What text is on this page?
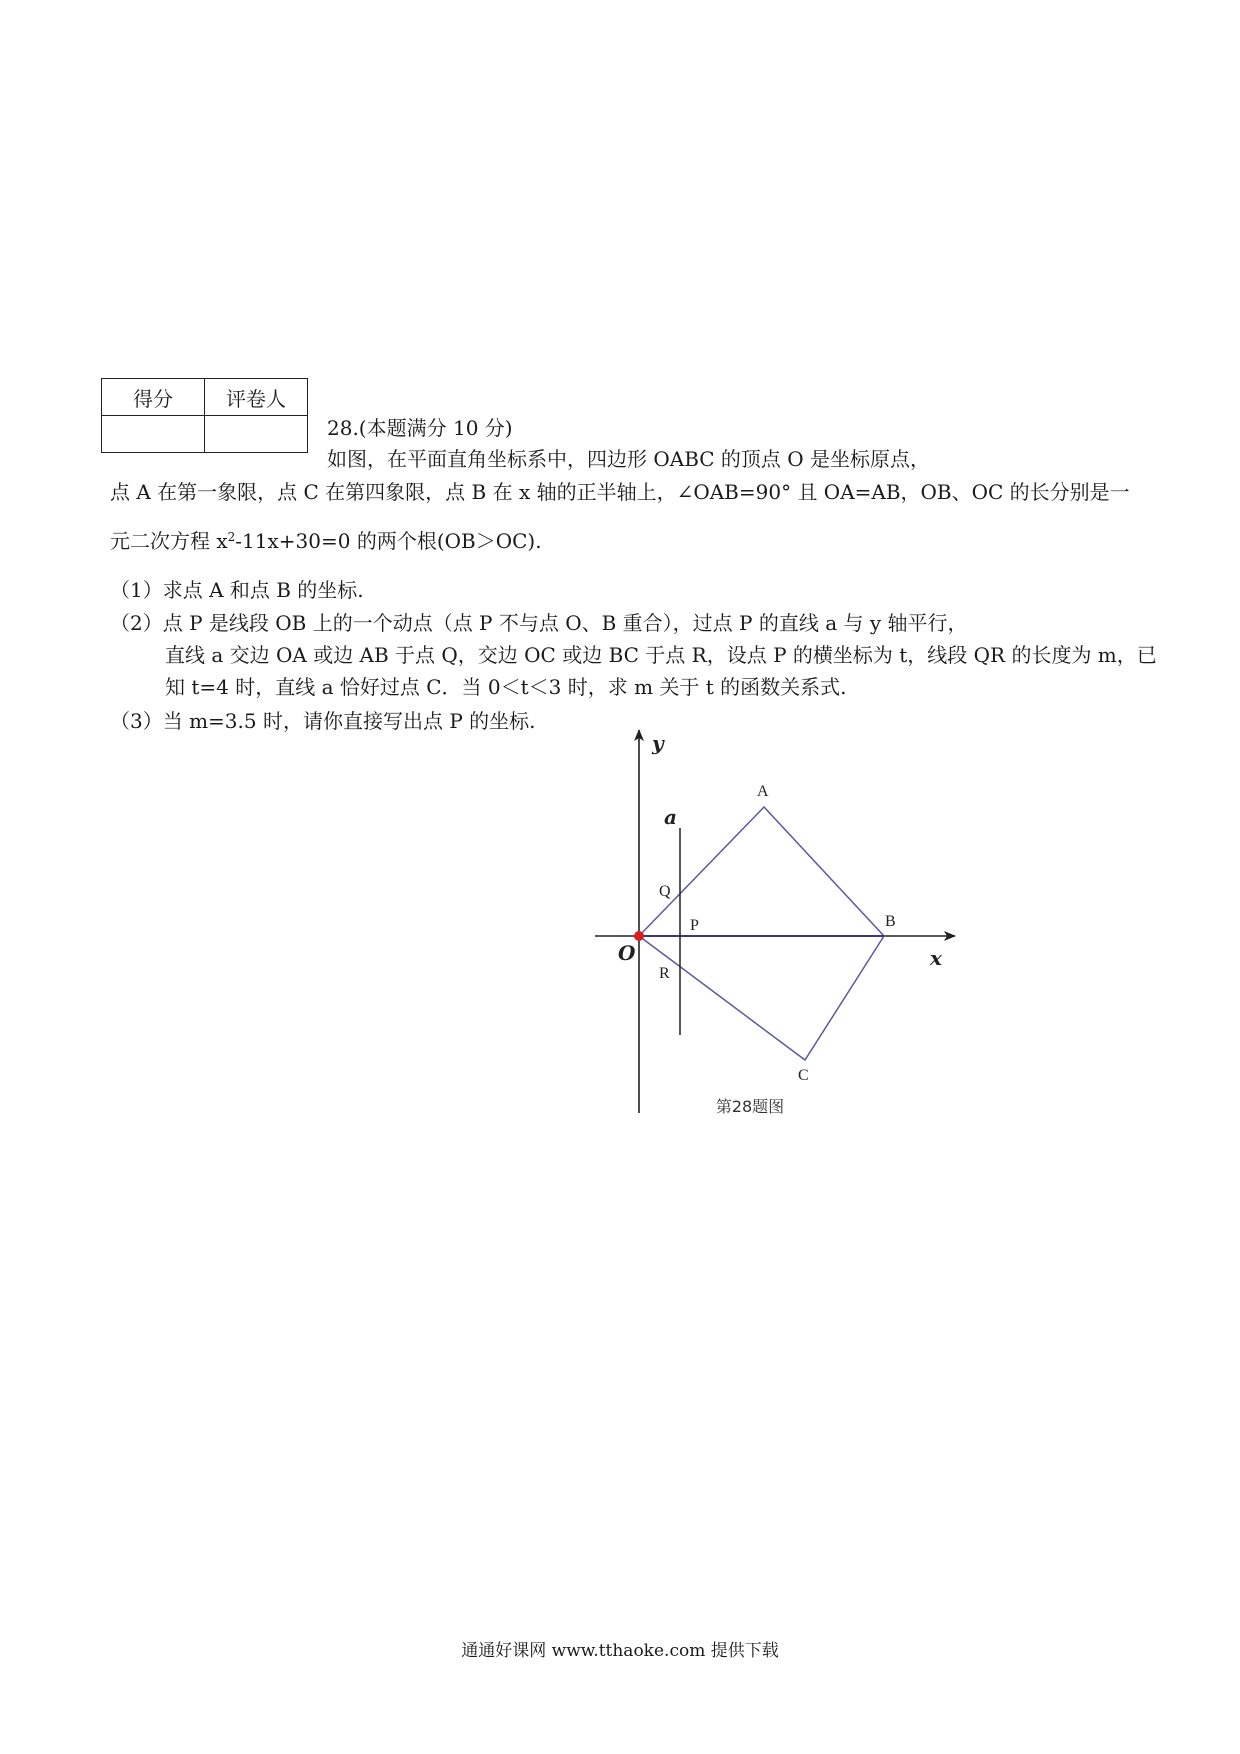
得分	评卷人

28.(本题满分 10 分)
如图，在平面直角坐标系中，四边形 OABC 的顶点 O 是坐标原点，
点 A 在第一象限，点 C 在第四象限，点 B 在 x 轴的正半轴上，∠OAB=90° 且 OA=AB，OB、OC 的长分别是一
元二次方程 $x^2-11x+30=0$ 的两个根(OB＞OC).
（1）求点 A 和点 B 的坐标.
（2）点 P 是线段 OB 上的一个动点（点 P 不与点 O、B 重合），过点 P 的直线 a 与 y 轴平行，
直线 a 交边 OA 或边 AB 于点 Q，交边 OC 或边 BC 于点 R，设点 P 的横坐标为 t，线段 QR 的长度为 m，已
知 t=4 时，直线 a 恰好过点 C．当 0＜t＜3 时，求 m 关于 t 的函数关系式.
（3）当 m=3.5 时，请你直接写出点 P 的坐标.
y
x
O
A
B
C
P
Q
R
a
第28题图
通通好课网 www.tthaoke.com 提供下载
